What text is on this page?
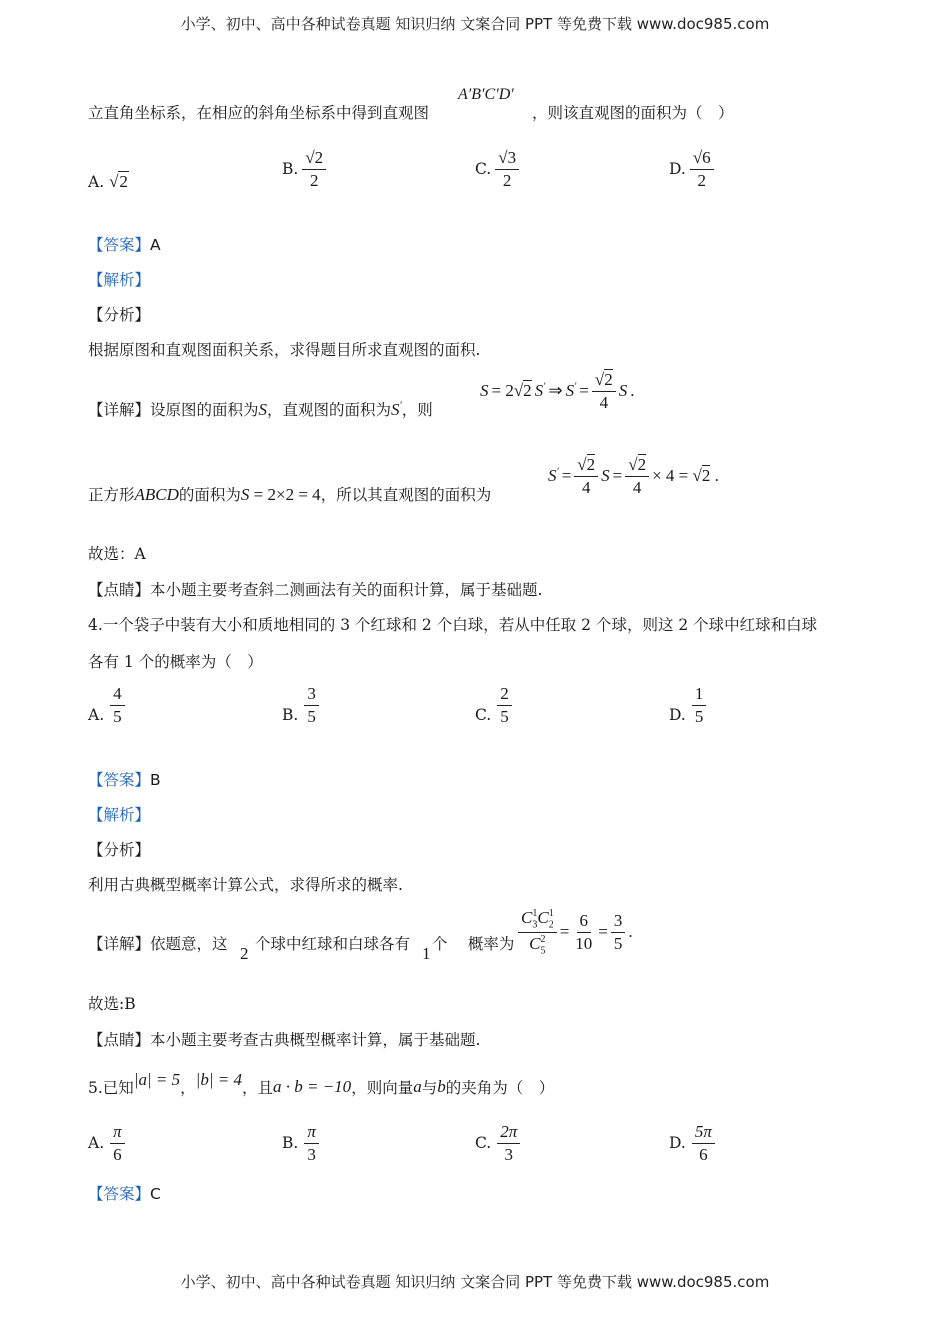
小学、初中、高中各种试卷真题 知识归纳 文案合同 PPT 等免费下载 www.doc985.com
立直角坐标系，在相应的斜角坐标系中得到直观图
A′B′C′D′
，则该直观图的面积为（　）
A. √2
B. $\frac{√2}{2}$	C. $\frac{√3}{2}$	D. $\frac{√6}{2}$
【答案】A
【解析】
【分析】
根据原图和直观图面积关系，求得题目所求直观图的面积.
【详解】设原图的面积为S，直观图的面积为S′，则
S = 2√2 S′ ⇒ $S' = \frac{√2}{4}$ S .
正方形ABCD的面积为S = 2×2 = 4，所以其直观图的面积为
$S' = \frac{√2}{4}$ $S = \frac{√2}{4} \times 4 = √2$ .
故选：A
【点睛】本小题主要考查斜二测画法有关的面积计算，属于基础题.
4.一个袋子中装有大小和质地相同的 3 个红球和 2 个白球，若从中任取 2 个球，则这 2 个球中红球和白球
各有 1 个的概率为（　）
A. $\frac{4}{5}$	B. $\frac{3}{5}$	C. $\frac{2}{5}$	D. $\frac{1}{5}$
【答案】B
【解析】
【分析】
利用古典概型概率计算公式，求得所求的概率.
【详解】依题意，这 2 个球中红球和白球各有 1 个　 概率为 $\frac{C_3^1C_2^1}{C_5^2} = \frac{6}{10} = \frac{3}{5}$ .
故选:B
【点睛】本小题主要考查古典概型概率计算，属于基础题.
5.已知 |a| = 5 ， |b| = 4 ，且 a · b = −10 ，则向量 a 与 b 的夹角为（　）
A. $\frac{\pi}{6}$	B. $\frac{\pi}{3}$	C. $\frac{2\pi}{3}$	D. $\frac{5\pi}{6}$
【答案】C
小学、初中、高中各种试卷真题 知识归纳 文案合同 PPT 等免费下载 www.doc985.com
